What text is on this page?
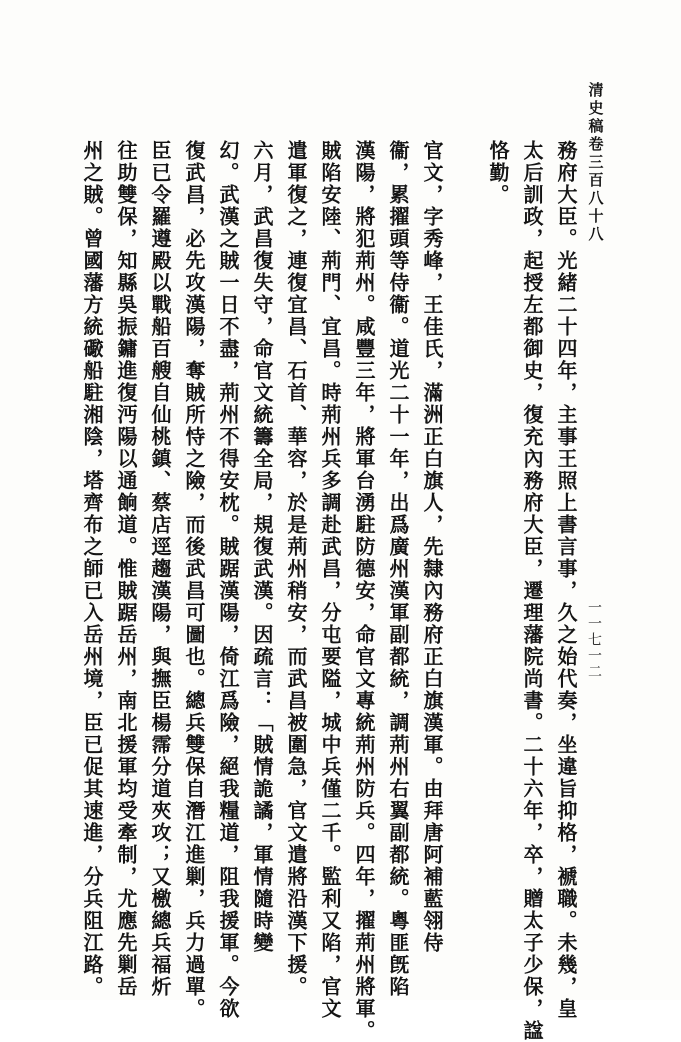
清史稿卷三百八十八
一一七一二
務府大臣。光緒二十四年，主事王照上書言事，久之始代奏，坐違旨抑格，褫職。未幾，皇
太后訓政，起授左都御史，復充內務府大臣，遷理藩院尚書。二十六年，卒，贈太子少保，諡
恪勤。
官文，字秀峰，王佳氏，滿洲正白旗人，先隸內務府正白旗漢軍。由拜唐阿補藍翎侍
衞，累擢頭等侍衞。道光二十一年，出爲廣州漢軍副都統，調荊州右翼副都統。粵匪旣陷
漢陽，將犯荊州。咸豐三年，將軍台湧駐防德安，命官文專統荊州防兵。四年，擢荊州將軍。
賊陷安陸、荊門、宜昌。時荊州兵多調赴武昌，分屯要隘，城中兵僅二千。監利又陷，官文
遣軍復之，連復宜昌、石首、華容，於是荊州稍安，而武昌被圍急，官文遣將沿漢下援。
六月，武昌復失守，命官文統籌全局，規復武漢。因疏言：「賊情詭譎，軍情隨時變
幻。武漢之賊一日不盡，荊州不得安枕。賊踞漢陽，倚江爲險，絕我糧道，阻我援軍。今欲
復武昌，必先攻漢陽，奪賊所恃之險，而後武昌可圖也。總兵雙保自潛江進剿，兵力過單。
臣已令羅遵殿以戰船百艘自仙桃鎮、蔡店逕趨漢陽，與撫臣楊霈分道夾攻；又檄總兵福炘
往助雙保，知縣吳振鏞進復沔陽以通餉道。惟賊踞岳州，南北援軍均受牽制，尤應先剿岳
州之賊。曾國藩方統礮船駐湘陰，塔齊布之師已入岳州境，臣已促其速進，分兵阻江路。
